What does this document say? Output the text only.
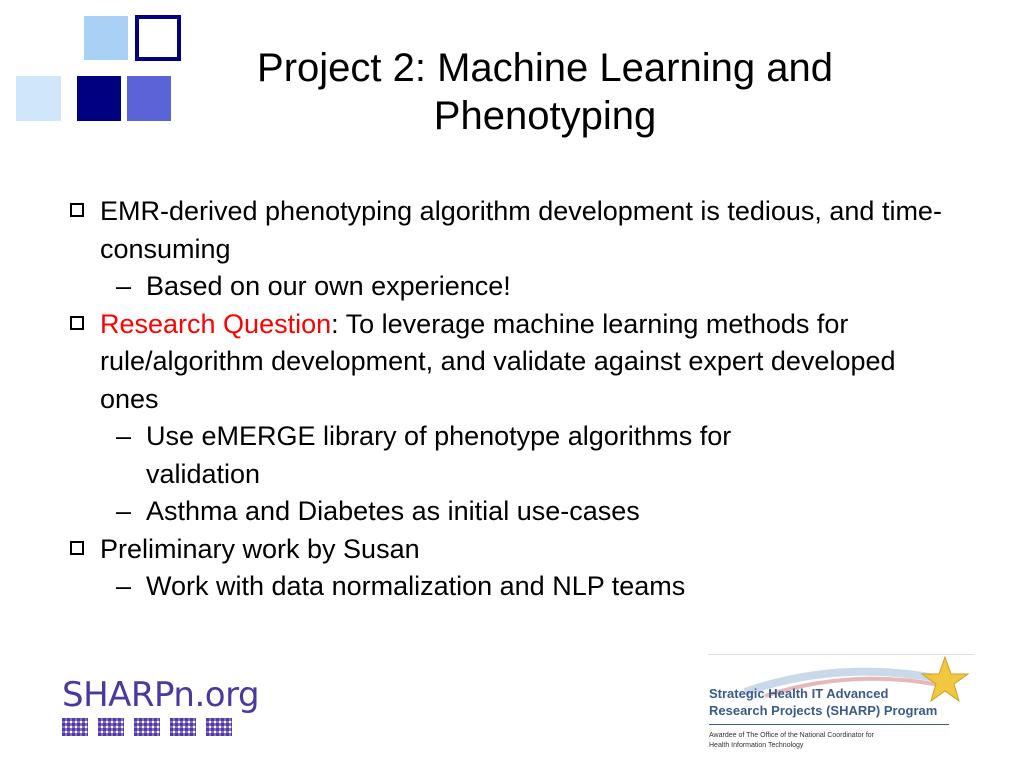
Project 2: Machine Learning and Phenotyping
EMR-derived phenotyping algorithm development is tedious, and time-consuming
– Based on our own experience!
Research Question: To leverage machine learning methods for rule/algorithm development, and validate against expert developed ones
– Use eMERGE library of phenotype algorithms for validation
– Asthma and Diabetes as initial use-cases
Preliminary work by Susan
– Work with data normalization and NLP teams
SHARPn.org	Strategic Health IT Advanced
Research Projects (SHARP) Program
Awardee of The Office of the National Coordinator for
Health Information Technology
